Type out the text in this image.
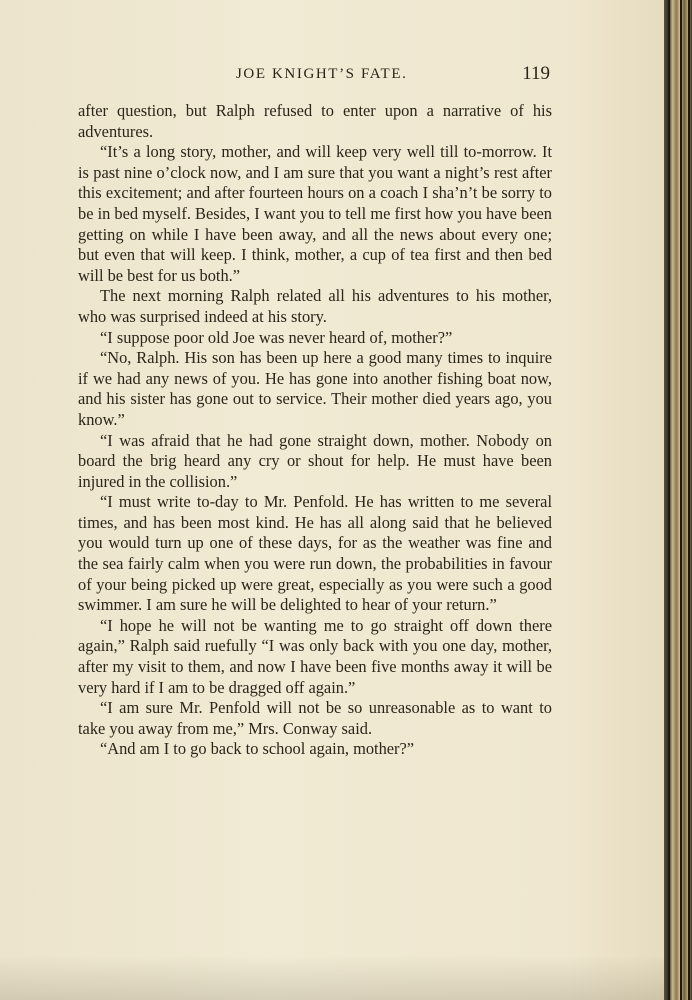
JOE KNIGHT’S FATE.	119

after question, but Ralph refused to enter upon a narrative of his adventures.

“It’s a long story, mother, and will keep very well till to-morrow. It is past nine o’clock now, and I am sure that you want a night’s rest after this excitement; and after fourteen hours on a coach I sha’n’t be sorry to be in bed myself. Besides, I want you to tell me first how you have been getting on while I have been away, and all the news about every one; but even that will keep. I think, mother, a cup of tea first and then bed will be best for us both.”

The next morning Ralph related all his adventures to his mother, who was surprised indeed at his story.

“I suppose poor old Joe was never heard of, mother?”

“No, Ralph. His son has been up here a good many times to inquire if we had any news of you. He has gone into another fishing boat now, and his sister has gone out to service. Their mother died years ago, you know.”

“I was afraid that he had gone straight down, mother. Nobody on board the brig heard any cry or shout for help. He must have been injured in the collision.”

“I must write to-day to Mr. Penfold. He has written to me several times, and has been most kind. He has all along said that he believed you would turn up one of these days, for as the weather was fine and the sea fairly calm when you were run down, the probabilities in favour of your being picked up were great, especially as you were such a good swimmer. I am sure he will be delighted to hear of your return.”

“I hope he will not be wanting me to go straight off down there again,” Ralph said ruefully “I was only back with you one day, mother, after my visit to them, and now I have been five months away it will be very hard if I am to be dragged off again.”

“I am sure Mr. Penfold will not be so unreasonable as to want to take you away from me,” Mrs. Conway said.

“And am I to go back to school again, mother?”
